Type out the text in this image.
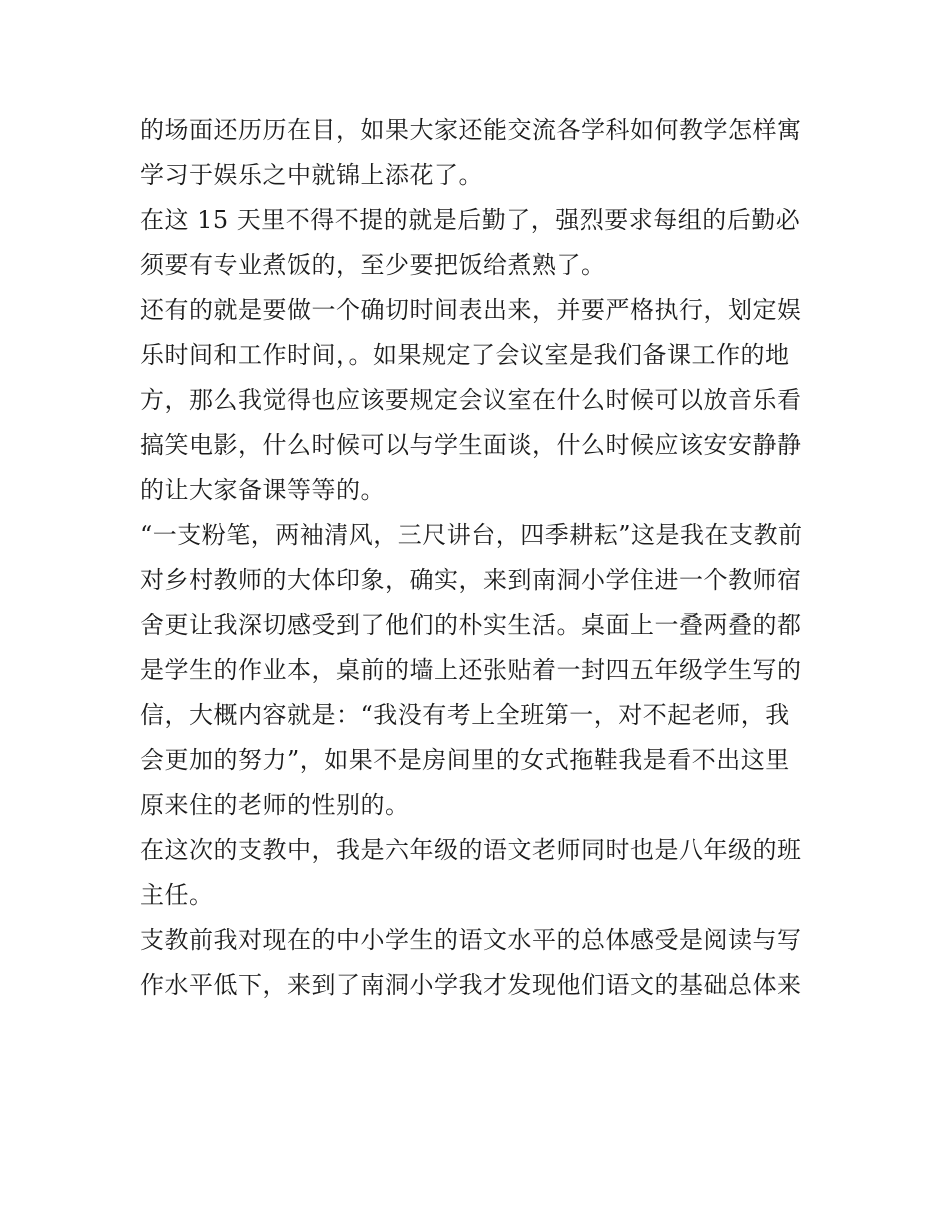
的场面还历历在目，如果大家还能交流各学科如何教学怎样寓
学习于娱乐之中就锦上添花了。
在这 15 天里不得不提的就是后勤了，强烈要求每组的后勤必
须要有专业煮饭的，至少要把饭给煮熟了。
还有的就是要做一个确切时间表出来，并要严格执行，划定娱
乐时间和工作时间，。如果规定了会议室是我们备课工作的地
方，那么我觉得也应该要规定会议室在什么时候可以放音乐看
搞笑电影，什么时候可以与学生面谈，什么时候应该安安静静
的让大家备课等等的。
“一支粉笔，两袖清风，三尺讲台，四季耕耘”这是我在支教前
对乡村教师的大体印象，确实，来到南洞小学住进一个教师宿
舍更让我深切感受到了他们的朴实生活。桌面上一叠两叠的都
是学生的作业本，桌前的墙上还张贴着一封四五年级学生写的
信，大概内容就是：“我没有考上全班第一，对不起老师，我
会更加的努力”，如果不是房间里的女式拖鞋我是看不出这里
原来住的老师的性别的。
在这次的支教中，我是六年级的语文老师同时也是八年级的班
主任。
支教前我对现在的中小学生的语文水平的总体感受是阅读与写
作水平低下，来到了南洞小学我才发现他们语文的基础总体来
